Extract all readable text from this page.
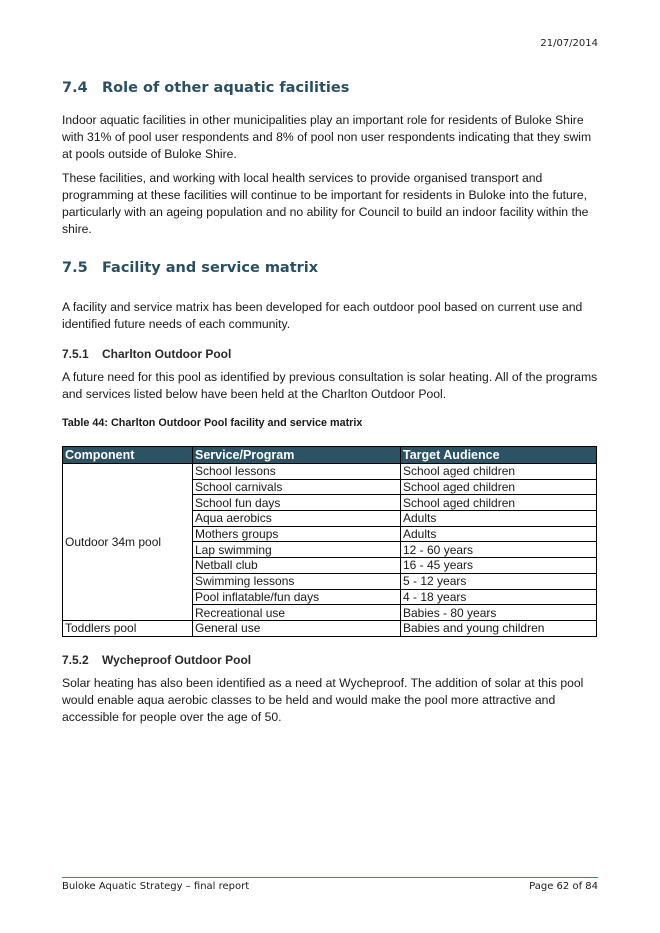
21/07/2014
7.4 Role of other aquatic facilities

Indoor aquatic facilities in other municipalities play an important role for residents of Buloke Shire with 31% of pool user respondents and 8% of pool non user respondents indicating that they swim at pools outside of Buloke Shire.

These facilities, and working with local health services to provide organised transport and programming at these facilities will continue to be important for residents in Buloke into the future, particularly with an ageing population and no ability for Council to build an indoor facility within the shire.

7.5 Facility and service matrix

A facility and service matrix has been developed for each outdoor pool based on current use and identified future needs of each community.

7.5.1 Charlton Outdoor Pool

A future need for this pool as identified by previous consultation is solar heating. All of the programs and services listed below have been held at the Charlton Outdoor Pool.

Table 44: Charlton Outdoor Pool facility and service matrix

Component	Service/Program	Target Audience
Outdoor 34m pool	School lessons	School aged children
	School carnivals	School aged children
	School fun days	School aged children
	Aqua aerobics	Adults
	Mothers groups	Adults
	Lap swimming	12 - 60 years
	Netball club	16 - 45 years
	Swimming lessons	5 - 12 years
	Pool inflatable/fun days	4 - 18 years
	Recreational use	Babies - 80 years
Toddlers pool	General use	Babies and young children
7.5.2 Wycheproof Outdoor Pool

Solar heating has also been identified as a need at Wycheproof. The addition of solar at this pool would enable aqua aerobic classes to be held and would make the pool more attractive and accessible for people over the age of 50.

Buloke Aquatic Strategy – final report	Page 62 of 84
